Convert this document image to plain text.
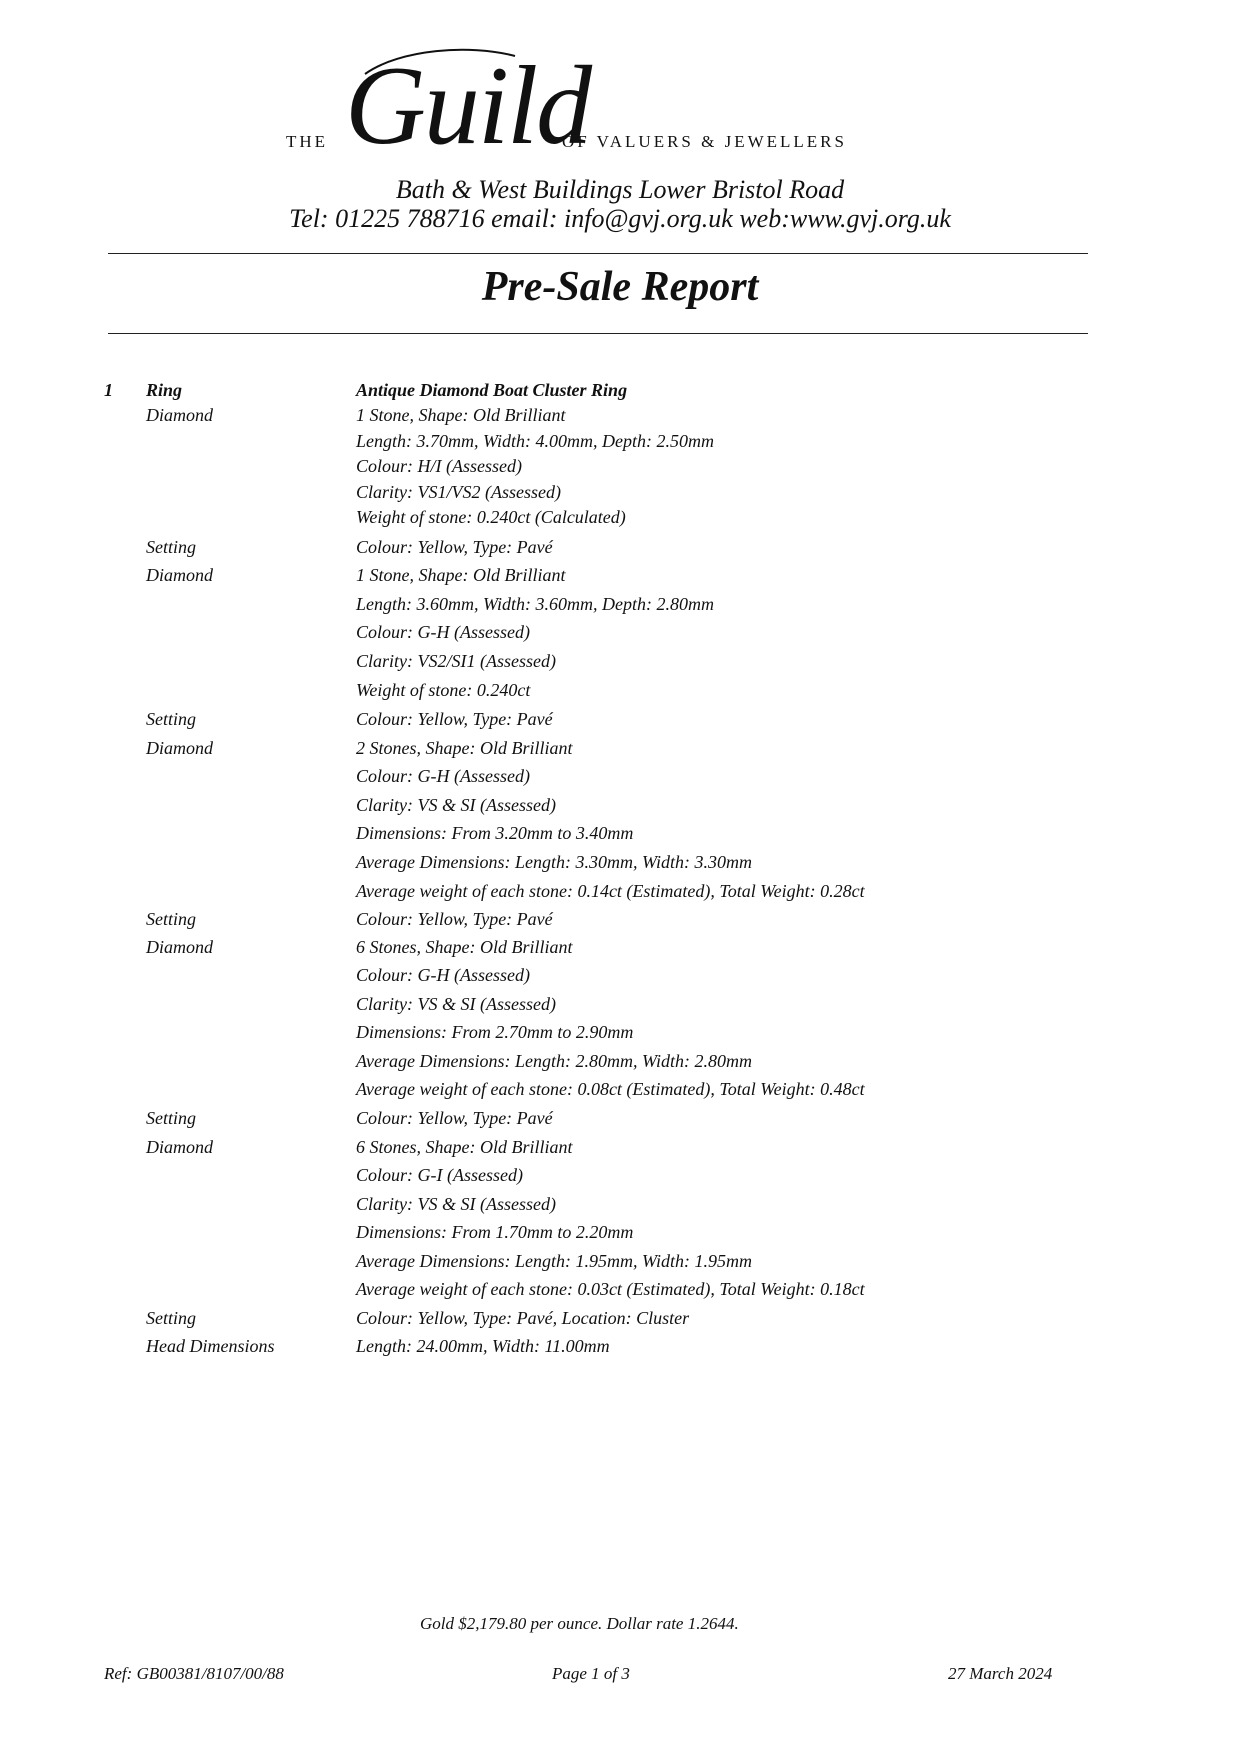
THE Guild
OF VALUERS & JEWELLERS
Bath & West Buildings Lower Bristol Road
Tel: 01225 788716 email: info@gvj.org.uk web:www.gvj.org.uk
Pre-Sale Report
1 Ring	Antique Diamond Boat Cluster Ring
Diamond	1 Stone, Shape: Old Brilliant
Length: 3.70mm, Width: 4.00mm, Depth: 2.50mm
Colour: H/I (Assessed)
Clarity: VS1/VS2 (Assessed)
Weight of stone: 0.240ct (Calculated)
Setting	Colour: Yellow, Type: Pavé
Diamond	1 Stone, Shape: Old Brilliant
Length: 3.60mm, Width: 3.60mm, Depth: 2.80mm
Colour: G-H (Assessed)
Clarity: VS2/SI1 (Assessed)
Weight of stone: 0.240ct
Setting	Colour: Yellow, Type: Pavé
Diamond	2 Stones, Shape: Old Brilliant
Colour: G-H (Assessed)
Clarity: VS & SI (Assessed)
Dimensions: From 3.20mm to 3.40mm
Average Dimensions: Length: 3.30mm, Width: 3.30mm
Average weight of each stone: 0.14ct (Estimated), Total Weight: 0.28ct
Setting	Colour: Yellow, Type: Pavé
Diamond	6 Stones, Shape: Old Brilliant
Colour: G-H (Assessed)
Clarity: VS & SI (Assessed)
Dimensions: From 2.70mm to 2.90mm
Average Dimensions: Length: 2.80mm, Width: 2.80mm
Average weight of each stone: 0.08ct (Estimated), Total Weight: 0.48ct
Setting	Colour: Yellow, Type: Pavé
Diamond	6 Stones, Shape: Old Brilliant
Colour: G-I (Assessed)
Clarity: VS & SI (Assessed)
Dimensions: From 1.70mm to 2.20mm
Average Dimensions: Length: 1.95mm, Width: 1.95mm
Average weight of each stone: 0.03ct (Estimated), Total Weight: 0.18ct
Setting	Colour: Yellow, Type: Pavé, Location: Cluster
Head Dimensions	Length: 24.00mm, Width: 11.00mm
Gold $2,179.80 per ounce. Dollar rate 1.2644.
Ref: GB00381/8107/00/88	Page 1 of 3	27 March 2024
